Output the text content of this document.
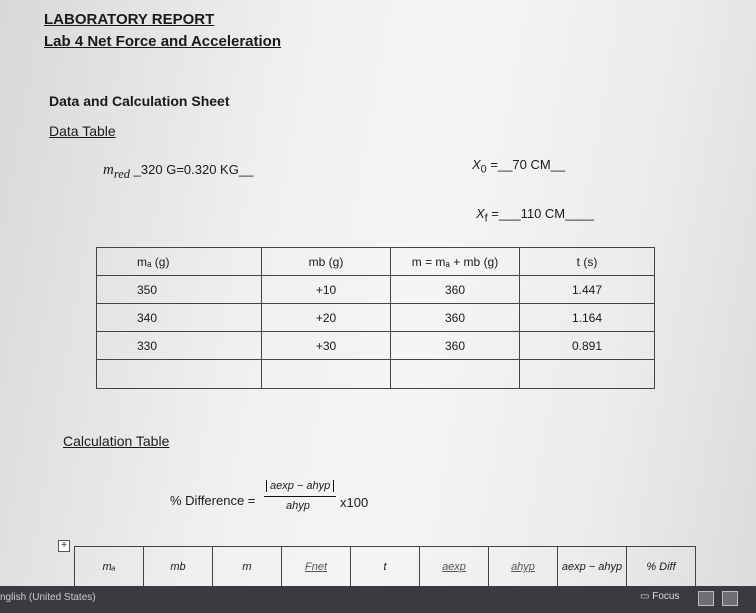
LABORATORY REPORT
Lab 4 Net Force and Acceleration
Data and Calculation Sheet
Data Table
$m_{red}$ _320 G=0.320 KG__	$X_0$ =__70 CM__
$X_f$ =___110 CM____
mₐ (g)	mb (g)	m = mₐ + mb (g)	t (s)
350	+10	360	1.447
340	+20	360	1.164
330	+30	360	0.891

Calculation Table
% Difference =
aexp − ahyp
ahyp x100
+
mₐ	mb	m	Fnet	t	aexp	ahyp	aexp − ahyp	% Diff
nglish (United States)	▭ Focus
